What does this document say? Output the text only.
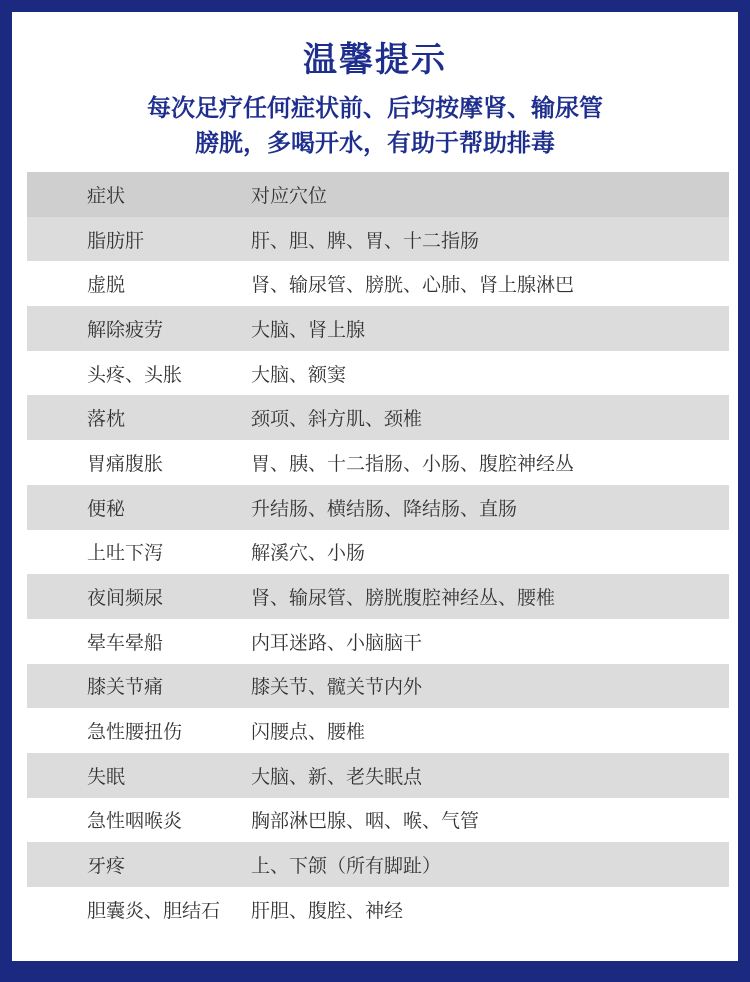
温馨提示
每次足疗任何症状前、后均按摩肾、输尿管
膀胱，多喝开水，有助于帮助排毒
症状	对应穴位
脂肪肝	肝、胆、脾、胃、十二指肠
虚脱	肾、输尿管、膀胱、心肺、肾上腺淋巴
解除疲劳	大脑、肾上腺
头疼、头胀	大脑、额窦
落枕	颈项、斜方肌、颈椎
胃痛腹胀	胃、胰、十二指肠、小肠、腹腔神经丛
便秘	升结肠、横结肠、降结肠、直肠
上吐下泻	解溪穴、小肠
夜间频尿	肾、输尿管、膀胱腹腔神经丛、腰椎
晕车晕船	内耳迷路、小脑脑干
膝关节痛	膝关节、髋关节内外
急性腰扭伤	闪腰点、腰椎
失眠	大脑、新、老失眠点
急性咽喉炎	胸部淋巴腺、咽、喉、气管
牙疼	上、下颌（所有脚趾）
胆囊炎、胆结石	肝胆、腹腔、神经
